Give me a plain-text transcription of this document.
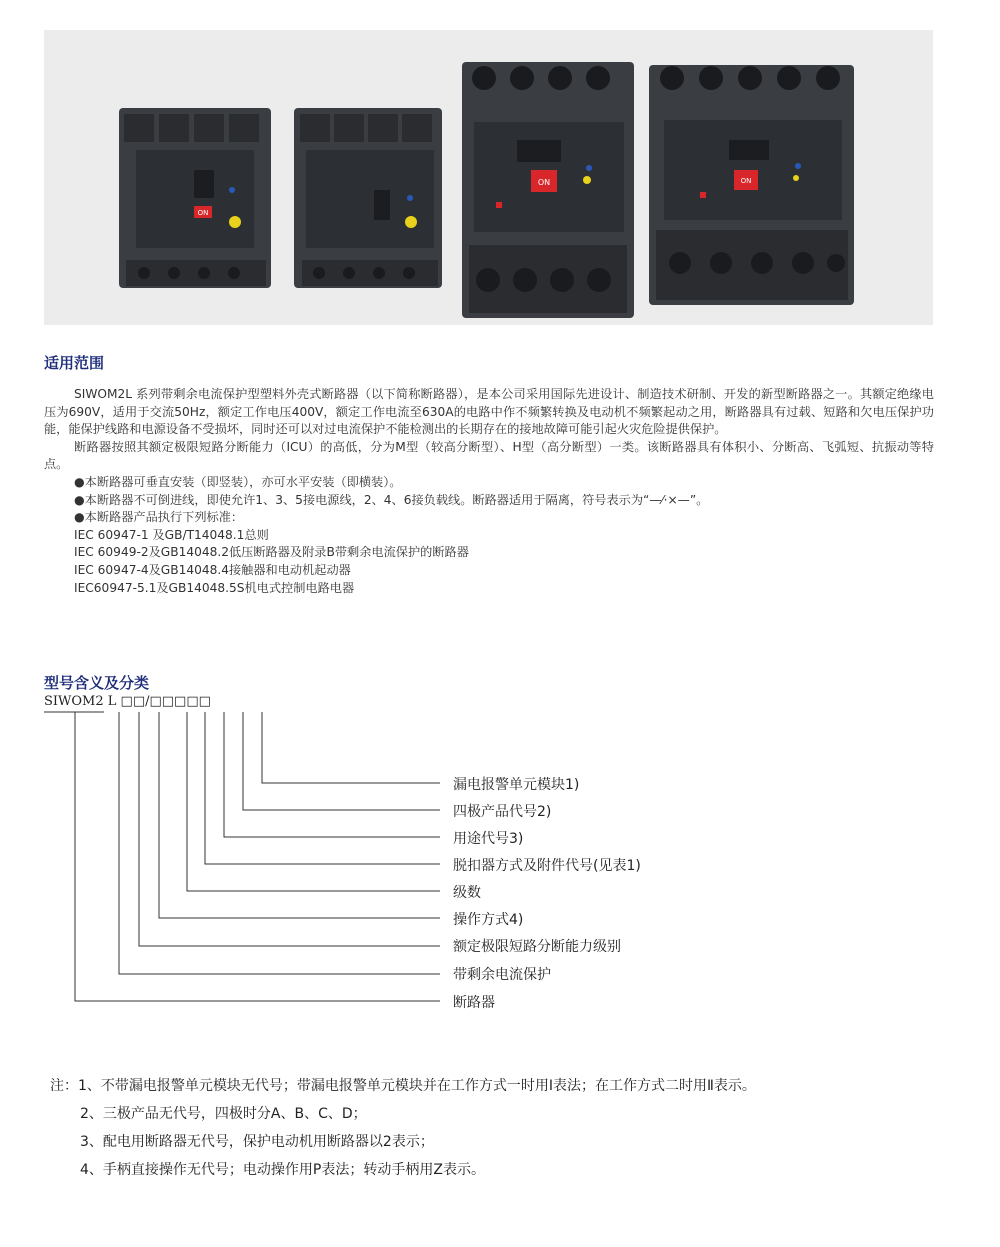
ON
ON	ON
适用范围

SIWOM2L 系列带剩余电流保护型塑料外壳式断路器（以下简称断路器），是本公司采用国际先进设计、制造技术研制、开发的新型断路器之一。其额定绝缘电压为690V，适用于交流50Hz，额定工作电压400V，额定工作电流至630A的电路中作不频繁转换及电动机不频繁起动之用，断路器具有过载、短路和欠电压保护功能，能保护线路和电源设备不受损坏，同时还可以对过电流保护不能检测出的长期存在的接地故障可能引起火灾危险提供保护。

断路器按照其额定极限短路分断能力（ICU）的高低，分为M型（较高分断型）、H型（高分断型）一类。该断路器具有体积小、分断高、飞弧短、抗振动等特点。

●本断路器可垂直安装（即竖装），亦可水平安装（即横装）。

●本断路器不可倒进线，即使允许1、3、5接电源线，2、4、6接负载线。断路器适用于隔离，符号表示为“—⁄·×—”。

●本断路器产品执行下列标准：

IEC 60947-1 及GB/T14048.1总则

IEC 60949-2及GB14048.2低压断路器及附录B带剩余电流保护的断路器

IEC 60947-4及GB14048.4接触器和电动机起动器

IEC60947-5.1及GB14048.5S机电式控制电路电器

型号含义及分类
SIWOM2 L □□/□□□□□
漏电报警单元模块1)
四极产品代号2)
用途代号3)
脱扣器方式及附件代号(见表1)
级数
操作方式4)
额定极限短路分断能力级别
带剩余电流保护
断路器
注：1、不带漏电报警单元模块无代号；带漏电报警单元模块并在工作方式一时用Ⅰ表法；在工作方式二时用Ⅱ表示。
2、三极产品无代号，四极时分A、B、C、D；
3、配电用断路器无代号，保护电动机用断路器以2表示；
4、手柄直接操作无代号；电动操作用P表法；转动手柄用Z表示。
